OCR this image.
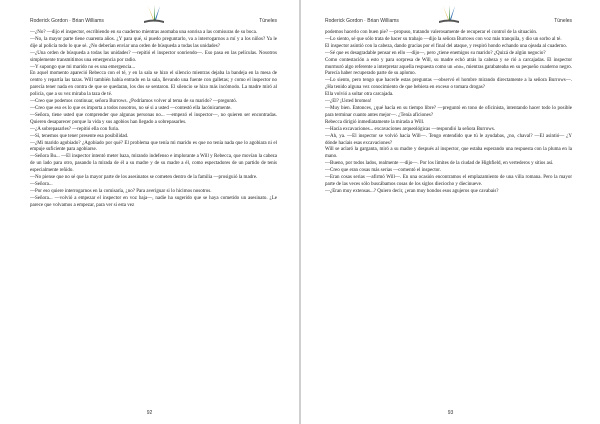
Roderick Gordon · Brian Williams	Túneles

—¿No? —dijo el inspector, escribiendo en su cuaderno mientras asomaba una sonrisa a las comisuras de su boca.

—No, la mayor parte tiene cuarenta años. ¿Y para qué, si puedo preguntarlo, va a interrogarnos a mí y a los niños? Ya le dije al policía todo lo que sé. ¿No deberían enviar una orden de búsqueda a todas las unidades?

—¿Una orden de búsqueda a todas las unidades? —repitió el inspector sonriendo—. Eso pasa en las películas. Nosotros simplemente transmitimos una emergencia por radio.

—Y supongo que mi marido no es una emergencia...

En aquel momento apareció Rebecca con el té, y en la sala se hizo el silencio mientras dejaba la bandeja en la mesa de centro y repartía las tazas. Will también había entrado en la sala, llevando una fuente con galletas; y como el inspector no parecía tener nada en contra de que se quedaran, los dos se sentaron. El silencio se hizo más incómodo. La madre miró al policía, que a su vez miraba la taza de té.

—Creo que podemos continuar, señora Burrows. ¿Podríamos volver al tema de su marido? —preguntó.

—Creo que eso es lo que es importa a todos nosotros, no sé si a usted —contestó ella lacónicamente.

—Señora, tiene usted que comprender que algunas personas no... —empezó el inspector—, no quieren ser encontradas. Quieren desaparecer porque la vida y sus agobios han llegado a sobrepasarles.

—¿A sobrepasarles? —repitió ella con furia.

—Sí, tenemos que tener presente esa posibilidad.

—¿Mi marido agobiado? ¿Agobiado por qué? El problema que tenía mi marido es que no tenía nada que lo agobiara ni el empuje suficiente para agobiarse.

—Señora Bu... —El inspector intentó meter baza, mirando indefenso e implorante a Will y Rebecca, que movían la cabeza de un lado para otro, pasando la mirada de él a su madre y de su madre a él, como espectadores de un partido de tenis especialmente reñido.

—No piense que no sé que la mayor parte de los asesinatos se cometen dentro de la familia —prosiguió la madre.

—Señora...

—Por eso quiere interrogarnos en la comisaría, ¿no? Para averiguar si lo hicimos nosotros.

—Señora... —volvió a empezar el inspector en voz baja—, nadie ha sugerido que se haya cometido un asesinato. ¿Le parece que volvamos a empezar, para ver si esta vez

92
Roderick Gordon · Brian Williams	Túneles

podemos hacerlo con buen pie? —propuso, tratando valerosamente de recuperar el control de la situación.

—Lo siento, sé que sólo trata de hacer su trabajo —dijo la señora Burrows con voz más tranquila, y dio un sorbo al té.

El inspector asintió con la cabeza, dando gracias por el final del ataque, y respiró hondo echando una ojeada al cuaderno.

—Sé que es desagradable pensar en ello —dijo—, pero ¿tiene enemigos su marido? ¿Quizá de algún negocio?

Como contestación a esto y para sorpresa de Will, su madre echó atrás la cabeza y se rió a carcajadas. El inspector murmuró algo referente a interpretar aquella respuesta como un «no», mientras garabateaba en su pequeño cuaderno negro. Parecía haber recuperado parte de su aplomo.

—Lo siento, pero tengo que hacerle estas preguntas —observó el hombre mirando directamente a la señora Burrows—. ¿Ha tenido alguna vez conocimiento de que bebiera en exceso o tomara drogas?

Ella volvió a soltar otra carcajada.

—¿El? ¡Usted bromea!

—Muy bien. Entonces, ¿qué hacía en su tiempo libre? —preguntó en tono de oficinista, intentando hacer todo lo posible para terminar cuanto antes mejor—. ¿Tenía aficiones?

Rebecca dirigió inmediatamente la mirada a Will.

—Hacía excavaciones... excavaciones arqueológicas —respondió la señora Burrows.

—Ah, ya. —El inspector se volvió hacia Will—. Tengo entendido que tú le ayudabas, ¿no, chaval? —El asintió— ¿Y dónde hacíais esas excavaciones?

Will se aclaró la garganta, miró a su madre y después al inspector, que estaba esperando una respuesta con la pluma en la mano.

—Bueno, por todos lados, realmente —dijo—. Por los límites de la ciudad de Highfield, en vertederos y sitios así.

—Creo que eran cosas más serias —comentó el inspector.

—Eran cosas serias —afirmó Will—. En una ocasión encontramos el emplazamiento de una villa romana. Pero la mayor parte de las veces sólo buscábamos cosas de los siglos dieciocho y diecinueve.

—¿Eran muy extensas...? Quiero decir, ¿eran muy hondos esos agujeros que cavabais?

93
